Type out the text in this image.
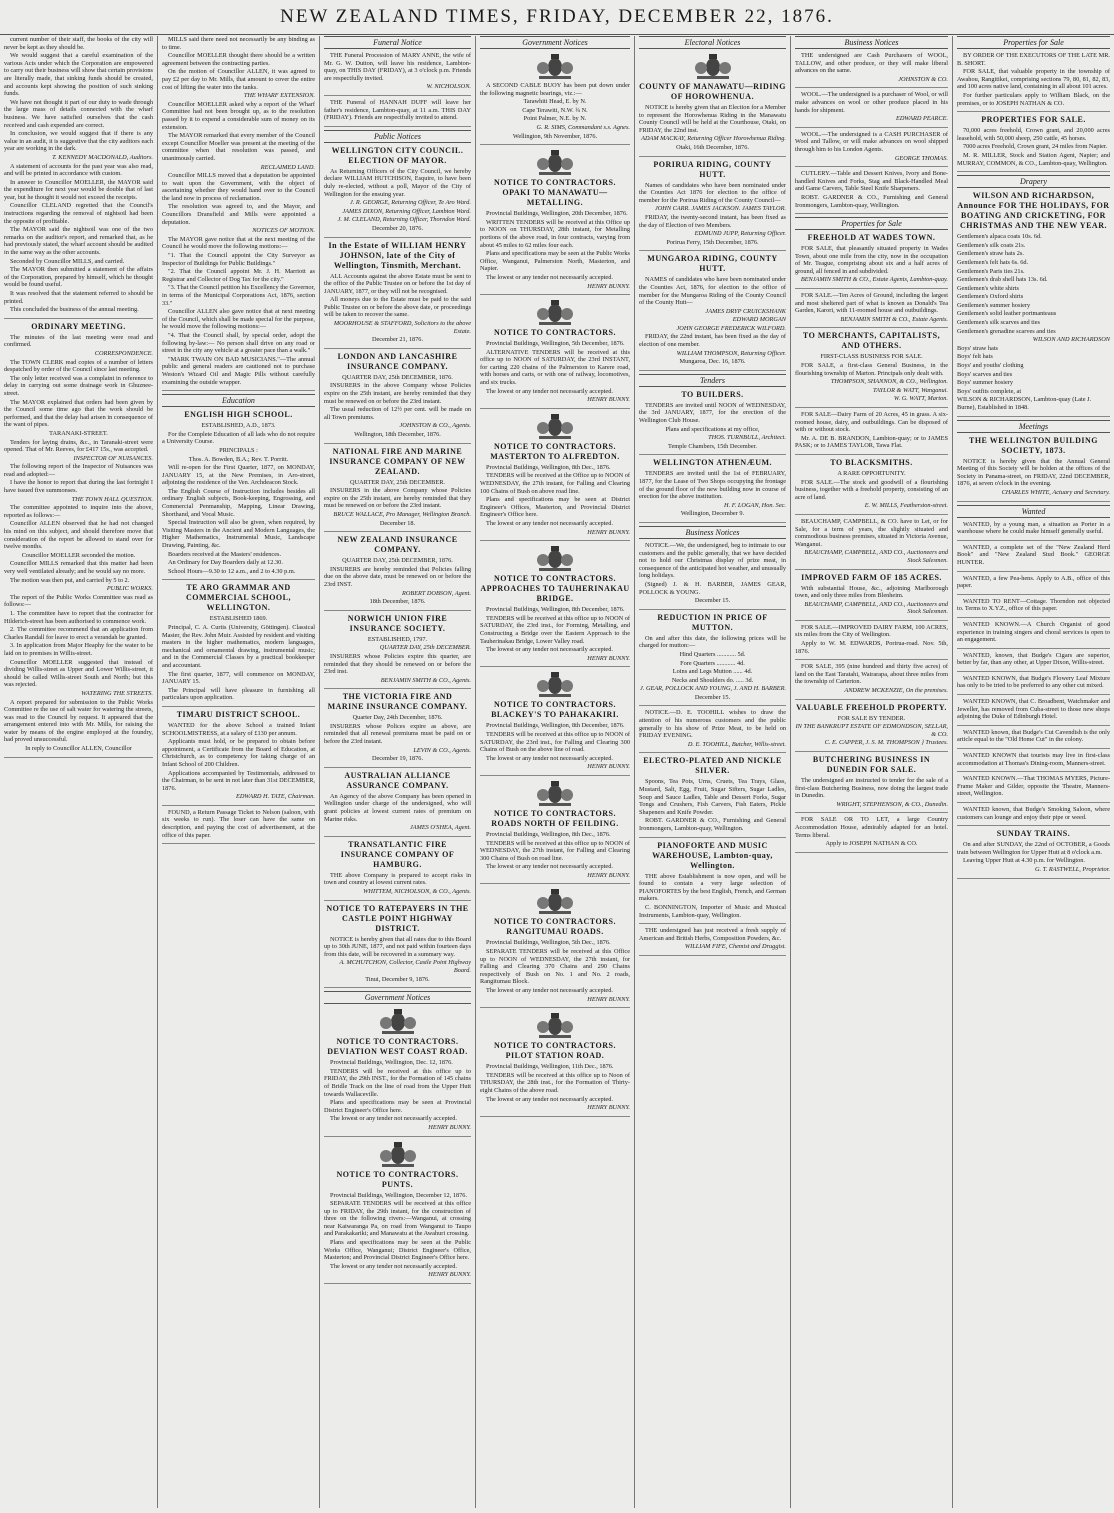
NEW ZEALAND TIMES, FRIDAY, DECEMBER 22, 1876.
current number of their staff, the books of the city will never be kept as they should be.
We would suggest that a careful examination of the various Acts under which the Corporation are empowered to carry out their business will show that certain provisions are literally made, that sinking funds should be created, and accounts kept showing the position of such sinking funds.
We have not thought it part of our duty to wade through the large mass of details connected with the wharf business. We have satisfied ourselves that the cash received and cash expended are correct.
In conclusion, we would suggest that if there is any value in an audit, it is suggestive that the city auditors each year are working in the dark.
T. KENNEDY MACDONALD, Auditors.
A statement of accounts for the past year was also read, and will be printed in accordance with custom.
In answer to Councillor MOELLER, the MAYOR said the expenditure for next year would be double that of last year, but he thought it would not exceed the receipts.
Councillor CLELAND regretted that the Council's instructions regarding the removal of nightsoil had been the opposite of profitable.
The MAYOR said the nightsoil was one of the two remarks on the auditor's report, and remarked that, as he had previously stated, the wharf account should be audited in the same way as the other accounts.
Seconded by Councillor MILLS, and carried.
The MAYOR then submitted a statement of the affairs of the Corporation, prepared by himself, which he thought would be found useful.
It was resolved that the statement referred to should be printed.
This concluded the business of the annual meeting.
ORDINARY MEETING.
The minutes of the last meeting were read and confirmed.
CORRESPONDENCE.
The TOWN CLERK read copies of a number of letters despatched by order of the Council since last meeting.
The only letter received was a complaint in reference to delay in carrying out some drainage work in Ghuznee-street.
The MAYOR explained that orders had been given by the Council some time ago that the work should be performed, and that the delay had arisen in consequence of the want of pipes.
TARANAKI-STREET.
Tenders for laying drains, &c., in Taranaki-street were opened. That of Mr. Reeves, for £417 15s., was accepted.
INSPECTOR OF NUISANCES.
The following report of the Inspector of Nuisances was read and adopted:—
I have the honor to report that during the last fortnight I have issued five summonses.
THE TOWN HALL QUESTION.
The committee appointed to inquire into the above, reported as follows:—
Councillor ALLEN observed that he had not changed his mind on this subject, and should therefore move that consideration of the report be allowed to stand over for twelve months.
Councillor MOELLER seconded the motion.
Councillor MILLS remarked that this matter had been very well ventilated already; and he would say no more.
The motion was then put, and carried by 5 to 2.
PUBLIC WORKS.
The report of the Public Works Committee was read as follows:—
1. The committee have to report that the contractor for Hilderich-street has been authorised to commence work.
2. The committee recommend that an application from Charles Randall for leave to erect a verandah be granted.
3. In application from Major Heaphy for the water to be laid on to premises in Willis-street.
Councillor MOELLER suggested that instead of dividing Willis-street as Upper and Lower Willis-street, it should be called Willis-street South and North; but this was rejected.
WATERING THE STREETS.
A report prepared for submission to the Public Works Committee re the use of salt water for watering the streets, was read to the Council by request. It appeared that the arrangement entered into with Mr. Mills, for raising the water by means of the engine employed at the foundry, had proved unsuccessful.
In reply to Councillor ALLEN, Councillor
MILLS said there need not necessarily be any binding as to time.
Councillor MOELLER thought there should be a written agreement between the contracting parties.
On the motion of Councillor ALLEN, it was agreed to pay £2 per day to Mr. Mills, that amount to cover the entire cost of lifting the water into the tanks.
THE WHARF EXTENSION.
Councillor MOELLER asked why a report of the Wharf Committee had not been brought up, as to the resolution passed by it to expend a considerable sum of money on its extension.
The MAYOR remarked that every member of the Council except Councillor Moeller was present at the meeting of the committee when that resolution was passed, and unanimously carried.
RECLAIMED LAND.
Councillor MILLS moved that a deputation be appointed to wait upon the Government, with the object of ascertaining whether they would hand over to the Council the land now in process of reclamation.
The resolution was agreed to, and the Mayor, and Councillors Dransfield and Mills were appointed a deputation.
NOTICES OF MOTION.
The MAYOR gave notice that at the next meeting of the Council he would move the following motions:—
"1. That the Council appoint the City Surveyor as Inspector of Buildings for Public Buildings."
"2. That the Council appoint Mr. J. H. Marriott as Registrar and Collector of Dog Tax for the city."
"3. That the Council petition his Excellency the Governor, in terms of the Municipal Corporations Act, 1876, section 33."
Councillor ALLEN also gave notice that at next meeting of the Council, which shall be made special for the purpose, he would move the following motions:—
"4. That the Council shall, by special order, adopt the following by-law:— No person shall drive on any road or street in the city any vehicle at a greater pace than a walk."
"MARK TWAIN ON BAD MUSICIANS."—The annual public and general readers are cautioned not to purchase Weston's Wizard Oil and Magic Pills without carefully examining the outside wrapper.
Education
ENGLISH HIGH SCHOOL.
ESTABLISHED, A.D., 1873.
For the Complete Education of all lads who do not require a University Course.
PRINCIPALS :
Thos. A. Bowden, B.A.; Rev. T. Porritt.
Will re-open for the First Quarter, 1877, on MONDAY, JANUARY 15, at the New Premises, in Aro-street, adjoining the residence of the Ven. Archdeacon Stock.
The English Course of Instruction includes besides all ordinary English subjects, Book-keeping, Engrossing, and Commercial Penmanship, Mapping, Linear Drawing, Shorthand, and Vocal Music.
Special Instruction will also be given, when required, by Visiting Masters in the Ancient and Modern Languages, the Higher Mathematics, Instrumental Music, Landscape Drawing, Painting, &c.
Boarders received at the Masters' residences.
An Ordinary for Day Boarders daily at 12.30.
School Hours—9.30 to 12 a.m., and 2 to 4.30 p.m.
TE ARO GRAMMAR AND COMMERCIAL SCHOOL, WELLINGTON.
ESTABLISHED 1869.
Principal, C. A. Curtis (University, Göttingen). Classical Master, the Rev. John Muir. Assisted by resident and visiting masters in the higher mathematics, modern languages, mechanical and ornamental drawing, instrumental music; and in the Commercial Classes by a practical bookkeeper and accountant.
The first quarter, 1877, will commence on MONDAY, JANUARY 15.
The Principal will have pleasure in furnishing all particulars upon application.
TIMARU DISTRICT SCHOOL.
WANTED for the above School a trained Infant SCHOOLMISTRESS, at a salary of £130 per annum.
Applicants must hold, or be prepared to obtain before appointment, a Certificate from the Board of Education, at Christchurch, as to competency for taking charge of an Infant School of 200 Children.
Applications accompanied by Testimonials, addressed to the Chairman, to be sent in not later than 31st DECEMBER, 1876.
EDWARD H. TATE, Chairman.
FOUND, a Return Passage Ticket to Nelson (saloon, with six weeks to run). The loser can have the same on description, and paying the cost of advertisement, at the office of this paper.
Funeral Notice
THE Funeral Procession of MARY ANNE, the wife of Mr. G. W. Dutton, will leave his residence, Lambton-quay, on THIS DAY (FRIDAY), at 3 o'clock p.m. Friends are respectfully invited.
W. NICHOLSON.
THE Funeral of HANNAH DUFF will leave her father's residence, Lambton-quay, at 11 a.m. THIS DAY (FRIDAY). Friends are respectfully invited to attend.
Public Notices
WELLINGTON CITY COUNCIL. ELECTION OF MAYOR.
As Returning Officers of the City Council, we hereby declare WILLIAM HUTCHISON, Esquire, to have been duly re-elected, without a poll, Mayor of the City of Wellington for the ensuing year.
J. R. GEORGE, Returning Officer, Te Aro Ward.
JAMES DIXON, Returning Officer, Lambton Ward.
J. M. CLELAND, Returning Officer, Thorndon Ward.
December 20, 1876.
In the Estate of WILLIAM HENRY JOHNSON, late of the City of Wellington, Tinsmith, Merchant.
ALL Accounts against the above Estate must be sent to the office of the Public Trustee on or before the 1st day of JANUARY, 1877, or they will not be recognised.
All moneys due to the Estate must be paid to the said Public Trustee on or before the above date, or proceedings will be taken to recover the same.
MOORHOUSE & STAFFORD, Solicitors to the above Estate.
December 21, 1876.
LONDON AND LANCASHIRE INSURANCE COMPANY.
QUARTER DAY, 25th DECEMBER, 1876.
INSURERS in the above Company whose Policies expire on the 25th instant, are hereby reminded that they must be renewed on or before the 23rd instant.
The usual reduction of 12½ per cent. will be made on all Town premiums.
JOHNSTON & CO., Agents.
Wellington, 18th December, 1876.
NATIONAL FIRE AND MARINE INSURANCE COMPANY OF NEW ZEALAND.
QUARTER DAY, 25th DECEMBER.
INSURERS in the above Company whose Policies expire on the 25th instant, are hereby reminded that they must be renewed on or before the 23rd instant.
BRUCE WALLACE, Pro Manager, Wellington Branch.
December 18.
NEW ZEALAND INSURANCE COMPANY.
QUARTER DAY, 25th DECEMBER, 1876.
INSURERS are hereby reminded that Policies falling due on the above date, must be renewed on or before the 23rd INST.
ROBERT DOBSON, Agent.
18th December, 1876.
NORWICH UNION FIRE INSURANCE SOCIETY.
ESTABLISHED, 1797.
QUARTER DAY, 25th DECEMBER.
INSURERS whose Policies expire this quarter, are reminded that they should be renewed on or before the 23rd inst.
BENJAMIN SMITH & CO., Agents.
THE VICTORIA FIRE AND MARINE INSURANCE COMPANY.
Quarter Day, 24th December, 1876.
INSURERS whose Polices expire as above, are reminded that all renewal premiums must be paid on or before the 23rd instant.
LEVIN & CO., Agents.
December 19, 1876.
AUSTRALIAN ALLIANCE ASSURANCE COMPANY.
An Agency of the above Company has been opened in Wellington under charge of the undersigned, who will grant policies at lowest current rates of premium on Marine risks.
JAMES O'SHEA, Agent.
TRANSATLANTIC FIRE INSURANCE COMPANY OF HAMBURG.
THE above Company is prepared to accept risks in town and country at lowest current rates.
WHITTEM, NICHOLSON, & CO., Agents.
NOTICE TO RATEPAYERS IN THE CASTLE POINT HIGHWAY DISTRICT.
NOTICE is hereby given that all rates due to this Board up to 30th JUNE, 1877, and not paid within fourteen days from this date, will be recovered in a summary way.
A. MCHUTCHON, Collector, Castle Point Highway Board.
Tinui, December 9, 1876.
Government Notices
NOTICE TO CONTRACTORS. DEVIATION WEST COAST ROAD.
Provincial Buildings, Wellington, Dec. 12, 1876.
TENDERS will be received at this office up to FRIDAY, the 29th INST., for the Formation of 145 chains of Bridle Track on the line of road from the Upper Hutt towards Wallaceville.
Plans and specifications may be seen at Provincial District Engineer's Office here.
The lowest or any tender not necessarily accepted.
HENRY BUNNY.
NOTICE TO CONTRACTORS. PUNTS.
Provincial Buildings, Wellington, December 12, 1876.
SEPARATE TENDERS will be received at this office up to FRIDAY, the 29th instant, for the construction of three on the following rivers:—Wanganui, at crossing near Kaiwaranga Pa, on road from Wanganui to Taupo and Parakakariki; and Manawatu at the Awahuri crossing.
Plans and specifications may be seen at the Public Works Office, Wanganui; District Engineer's Office, Masterton; and Provincial District Engineer's Office here.
The lowest or any tender not necessarily accepted.
HENRY BUNNY.
Government Notices
A SECOND CABLE BUOY has been put down under the following magnetic bearings, viz.:—
Tarawhiti Head, E. by N.
Cape Terawiti, N.W. ¾ N.
Point Palmer, N.E. by N.
G. R. SIMS, Commandant s.s. Agnes.
Wellington, 9th November, 1876.
NOTICE TO CONTRACTORS. OPAKI TO MANAWATU—METALLING.
Provincial Buildings, Wellington, 20th December, 1876.
WRITTEN TENDERS will be received at this Office up to NOON on THURSDAY, 28th instant, for Metalling portions of the above road, in four contracts, varying from about 45 miles to 62 miles four each.
Plans and specifications may be seen at the Public Works Office, Wanganui, Palmerston North, Masterton, and Napier.
The lowest or any tender not necessarily accepted.
HENRY BUNNY.
NOTICE TO CONTRACTORS.
Provincial Buildings, Wellington, 5th December, 1876.
ALTERNATIVE TENDERS will be received at this office up to NOON of SATURDAY, the 23rd INSTANT, for carting 220 chains of the Palmerston to Karere road, with horses and carts, or with one of railway, locomotives, and six trucks.
The lowest or any tender not necessarily accepted.
HENRY BUNNY.
NOTICE TO CONTRACTORS. MASTERTON TO ALFREDTON.
Provincial Buildings, Wellington, 8th Dec., 1876.
TENDERS will be received at the Office up to NOON of WEDNESDAY, the 27th instant, for Falling and Clearing 100 Chains of Bush on above road line.
Plans and specifications may be seen at District Engineer's Offices, Masterton, and Provincial District Engineer's Office here.
The lowest or any tender not necessarily accepted.
HENRY BUNNY.
NOTICE TO CONTRACTORS. APPROACHES TO TAUHERINAKAU BRIDGE.
Provincial Buildings, Wellington, 8th December, 1876.
TENDERS will be received at this office up to NOON of SATURDAY, the 23rd inst., for Forming, Metalling, and Constructing a Bridge over the Eastern Approach to the Tauherinakau Bridge, Lower Valley road.
The lowest or any tender not necessarily accepted.
HENRY BUNNY.
NOTICE TO CONTRACTORS. BLACKEY'S TO PAHAKAKIRI.
Provincial Buildings, Wellington, 8th December, 1876.
TENDERS will be received at this office up to NOON of SATURDAY, the 23rd inst., for Falling and Clearing 300 Chains of Bush on the above line of road.
The lowest or any tender not necessarily accepted.
HENRY BUNNY.
NOTICE TO CONTRACTORS. ROADS NORTH OF FEILDING.
Provincial Buildings, Wellington, 8th Dec., 1876.
TENDERS will be received at this office up to NOON of WEDNESDAY, the 27th instant, for Falling and Clearing 300 Chains of Bush on road line.
The lowest or any tender not necessarily accepted.
HENRY BUNNY.
NOTICE TO CONTRACTORS. RANGITUMAU ROADS.
Provincial Buildings, Wellington, 5th Dec., 1876.
SEPARATE TENDERS will be received at this Office up to NOON of WEDNESDAY, the 27th instant, for Falling and Clearing 370 Chains and 290 Chains respectively of Bush on No. 1 and No. 2 roads, Rangitumau Block.
The lowest or any tender not necessarily accepted.
HENRY BUNNY.
NOTICE TO CONTRACTORS. PILOT STATION ROAD.
Provincial Buildings, Wellington, 11th Dec., 1876.
TENDERS will be received at this office up to Noon of THURSDAY, the 28th inst., for the Formation of Thirty-eight Chains of the above road.
The lowest or any tender not necessarily accepted.
HENRY BUNNY.
Electoral Notices
COUNTY OF MANAWATU—RIDING OF HOROWHENUA.
NOTICE is hereby given that an Election for a Member to represent the Horowhenua Riding in the Manawatu County Council will be held at the Courthouse, Otaki, on FRIDAY, the 22nd inst.
ADAM MACKAY, Returning Officer Horowhenua Riding.
Otaki, 16th December, 1876.
PORIRUA RIDING, COUNTY HUTT.
Names of candidates who have been nominated under the Counties Act 1876 for election to the office of member for the Porirua Riding of the County Council—
JOHN CARR. JAMES JACKSON. JAMES TAYLOR.
FRIDAY, the twenty-second instant, has been fixed as the day of Election of two Members.
EDMUND JUPP, Returning Officer.
Porirua Ferry, 15th December, 1876.
MUNGAROA RIDING, COUNTY HUTT.
NAMES of candidates who have been nominated under the Counties Act, 1876, for election to the office of member for the Mungaroa Riding of the County Council of the County Hutt—
JAMES DRYP CRUICKSHANK
EDWARD MORGAN
JOHN GEORGE FREDERICK WILFORD.
FRIDAY, the 22nd instant, has been fixed as the day of election of one member.
WILLIAM THOMPSON, Returning Officer.
Mungaroa, Dec. 16, 1876.
Tenders
TO BUILDERS.
TENDERS are invited until NOON of WEDNESDAY, the 3rd JANUARY, 1877, for the erection of the Wellington Club House.
Plans and specifications at my office,
THOS. TURNBULL, Architect.
Temple Chambers, 15th December.
WELLINGTON ATHENÆUM.
TENDERS are invited until the 1st of FEBRUARY, 1877, for the Lease of Two Shops occupying the frontage of the ground floor of the new building now in course of erection for the above institution.
H. F. LOGAN, Hon. Sec.
Wellington, December 9.
Business Notices
NOTICE.—We, the undersigned, beg to intimate to our customers and the public generally, that we have decided not to hold our Christmas display of prize meat, in consequence of the anticipated hot weather, and unusually long holidays.
(Signed) J. & H. BARBER, JAMES GEAR, POLLOCK & YOUNG.
December 15.
REDUCTION IN PRICE OF MUTTON.
On and after this date, the following prices will be charged for mutton:—
Hind Quarters ............ 5d.
Fore Quarters ............ 4d.
Loins and Legs Mutton ...... 4d.
Necks and Shoulders do. ..... 3d.
J. GEAR, POLLOCK AND YOUNG, J. AND H. BARBER.
December 15.
NOTICE.—D. E. TOOHILL wishes to draw the attention of his numerous customers and the public generally to his show of Prize Meat, to be held on FRIDAY EVENING.
D. E. TOOHILL, Butcher, Willis-street.
ELECTRO-PLATED AND NICKLE SILVER.
Spoons, Tea Pots, Urns, Cruets, Tea Trays, Glass, Mustard, Salt, Egg, Fruit, Sugar Sifters, Sugar Ladles, Soup and Sauce Ladles, Table and Dessert Forks, Sugar Tongs and Crushers, Fish Carvers, Fish Eaters, Pickle Shapeners and Knife Powder.
ROBT. GARDNER & CO., Furnishing and General Ironmongers, Lambton-quay, Wellington.
PIANOFORTE AND MUSIC WAREHOUSE, Lambton-quay, Wellington.
THE above Establishment is now open, and will be found to contain a very large selection of PIANOFORTES by the best English, French, and German makers.
C. BONNINGTON, Importer of Music and Musical Instruments, Lambton-quay, Wellington.
THE undersigned has just received a fresh supply of American and British Herbs, Composition Powders, &c.
WILLIAM FIFE, Chemist and Druggist.
Business Notices
THE undersigned are Cash Purchasers of WOOL, TALLOW, and other produce, or they will make liberal advances on the same.
JOHNSTON & CO.
WOOL.—The undersigned is a purchaser of Wool, or will make advances on wool or other produce placed in his hands for shipment.
EDWARD PEARCE.
WOOL.—The undersigned is a CASH PURCHASER of Wool and Tallow, or will make advances on wool shipped through him to his London Agents.
GEORGE THOMAS.
CUTLERY.—Table and Dessert Knives, Ivory and Bone-handled Knives and Forks, Stag and Black-Handled Meal and Game Carvers, Table Steel Knife Sharpeners.
ROBT. GARDNER & CO., Furnishing and General Ironmongers, Lambton-quay, Wellington.
Properties for Sale
FREEHOLD AT WADES TOWN.
FOR SALE, that pleasantly situated property in Wades Town, about one mile from the city, now in the occupation of Mr. Teague, comprising about six and a half acres of ground, all fenced in and subdivided.
BENJAMIN SMITH & CO., Estate Agents, Lambton-quay.
FOR SALE.—Ten Acres of Ground, including the largest and most sheltered part of what is known as Donald's Tea Garden, Karori, with 11-roomed house and outbuildings.
BENJAMIN SMITH & CO., Estate Agents.
TO MERCHANTS, CAPITALISTS, AND OTHERS.
FIRST-CLASS BUSINESS FOR SALE.
FOR SALE, a first-class General Business, in the flourishing township of Marton. Principals only dealt with.
THOMPSON, SHANNON, & CO., Wellington.
TAYLOR & WATT, Wanganui.
W. G. WATT, Marton.
FOR SALE—Dairy Farm of 20 Acres, 45 in grass. A six-roomed house, dairy, and outbuildings. Can be disposed of with or without stock.
Mr. A. DE B. BRANDON, Lambton-quay; or to JAMES PASK; or to JAMES TAYLOR, Tawa Flat.
TO BLACKSMITHS.
A RARE OPPORTUNITY.
FOR SALE.—The stock and goodwill of a flourishing business, together with a freehold property, consisting of an acre of land.
E. W. MILLS, Featherston-street.
BEAUCHAMP, CAMPBELL, & CO. have to Let, or for Sale, for a term of years, the slightly situated and commodious business premises, situated in Victoria Avenue, Wanganui.
BEAUCHAMP, CAMPBELL, AND CO., Auctioneers and Stock Salesmen.
IMPROVED FARM OF 185 ACRES.
With substantial House, &c., adjoining Marlborough town, and only three miles from Blenheim.
BEAUCHAMP, CAMPBELL, AND CO., Auctioneers and Stock Salesmen.
FOR SALE.—IMPROVED DAIRY FARM, 100 ACRES, six miles from the City of Wellington.
Apply to W. M. EDWARDS, Porirua-road. Nov. 5th, 1876.
FOR SALE, 395 (nine hundred and thirty five acres) of land on the East Taratahi, Wairarapa, about three miles from the township of Carterton.
ANDREW MCKENZIE, On the premises.
VALUABLE FREEHOLD PROPERTY.
FOR SALE BY TENDER.
IN THE BANKRUPT ESTATE OF EDMONDSON, SELLAR, & CO.
C. E. CAPPER, J. S. M. THOMPSON } Trustees.
BUTCHERING BUSINESS IN DUNEDIN FOR SALE.
The undersigned are instructed to tender for the sale of a first-class Butchering Business, now doing the largest trade in Dunedin.
WRIGHT, STEPHENSON, & CO., Dunedin.
FOR SALE OR TO LET, a large Country Accommodation House, admirably adapted for an hotel. Terms liberal.
Apply to JOSEPH NATHAN & CO.
Properties for Sale
BY ORDER OF THE EXECUTORS OF THE LATE MR. B. SHORT.
FOR SALE, that valuable property in the township of Awahou, Rangitikei, comprising sections 79, 80, 81, 82, 83, and 100 acres native land, containing in all about 101 acres.
For further particulars apply to William Black, on the premises, or to JOSEPH NATHAN & CO.
PROPERTIES FOR SALE.
70,000 acres freehold, Crown grant, and 20,000 acres leasehold, with 50,000 sheep, 250 cattle, 45 horses.
7000 acres Freehold, Crown grant, 24 miles from Napier.
M. R. MILLER, Stock and Station Agent, Napier; and MURRAY, COMMON, & CO., Lambton-quay, Wellington.
Drapery
WILSON AND RICHARDSON, Announce FOR THE HOLIDAYS, FOR BOATING AND CRICKETING, FOR CHRISTMAS AND THE NEW YEAR.
Gentlemen's alpaca coats 10s. 6d.
Gentlemen's silk coats 21s.
Gentlemen's straw hats 2s.
Gentlemen's felt hats 6s. 6d.
Gentlemen's Paris ties 21s.
Gentlemen's drab shell hats 13s. 6d.
Gentlemen's white shirts
Gentlemen's Oxford shirts
Gentlemen's summer hosiery
Gentlemen's solid leather portmanteaus
Gentlemen's silk scarves and ties
Gentlemen's grenadine scarves and ties
WILSON AND RICHARDSON
Boys' straw hats
Boys' felt hats
Boys' and youths' clothing
Boys' scarves and ties
Boys' summer hosiery
Boys' outfits complete, at
WILSON & RICHARDSON, Lambton-quay (Late J. Burne), Established in 1848.
Meetings
THE WELLINGTON BUILDING SOCIETY, 1873.
NOTICE is hereby given that the Annual General Meeting of this Society will be holden at the offices of the Society in Panama-street, on FRIDAY, 22nd DECEMBER, 1876, at seven o'clock in the evening.
CHARLES WHITE, Actuary and Secretary.
Wanted
WANTED, by a young man, a situation as Porter in a warehouse where he could make himself generally useful.
WANTED, a complete set of the "New Zealand Herd Book" and "New Zealand Stud Book." GEORGE HUNTER.
WANTED, a few Pea-hens. Apply to A.B., office of this paper.
WANTED TO RENT—Cottage. Thorndon not objected to. Terms to X.Y.Z., office of this paper.
WANTED KNOWN.—A Church Organist of good experience in training singers and choral services is open to an engagement.
WANTED, known, that Budge's Cigars are superior, better by far, than any other, at Upper Dixon, Willis-street.
WANTED KNOWN, that Budge's Flowery Leaf Mixture has only to be tried to be preferred to any other cut mixed.
WANTED KNOWN, that C. Broadbent, Watchmaker and Jeweller, has removed from Cuba-street to those new shops adjoining the Duke of Edinburgh Hotel.
WANTED known, that Budge's Cut Cavendish is the only article equal to the "Old Home Cut" in the colony.
WANTED KNOWN that tourists may live in first-class accommodation at Thomas's Dining-room, Manners-street.
WANTED KNOWN.—That THOMAS MYERS, Picture-Frame Maker and Gilder, opposite the Theatre, Manners-street, Wellington.
WANTED known, that Budge's Smoking Saloon, where customers can lounge and enjoy their pipe or weed.
SUNDAY TRAINS.
On and after SUNDAY, the 22nd of OCTOBER, a Goods train between Wellington for Upper Hutt at 8 o'clock a.m.
Leaving Upper Hutt at 4.30 p.m. for Wellington.
G. T. RASTWELL, Proprietor.
